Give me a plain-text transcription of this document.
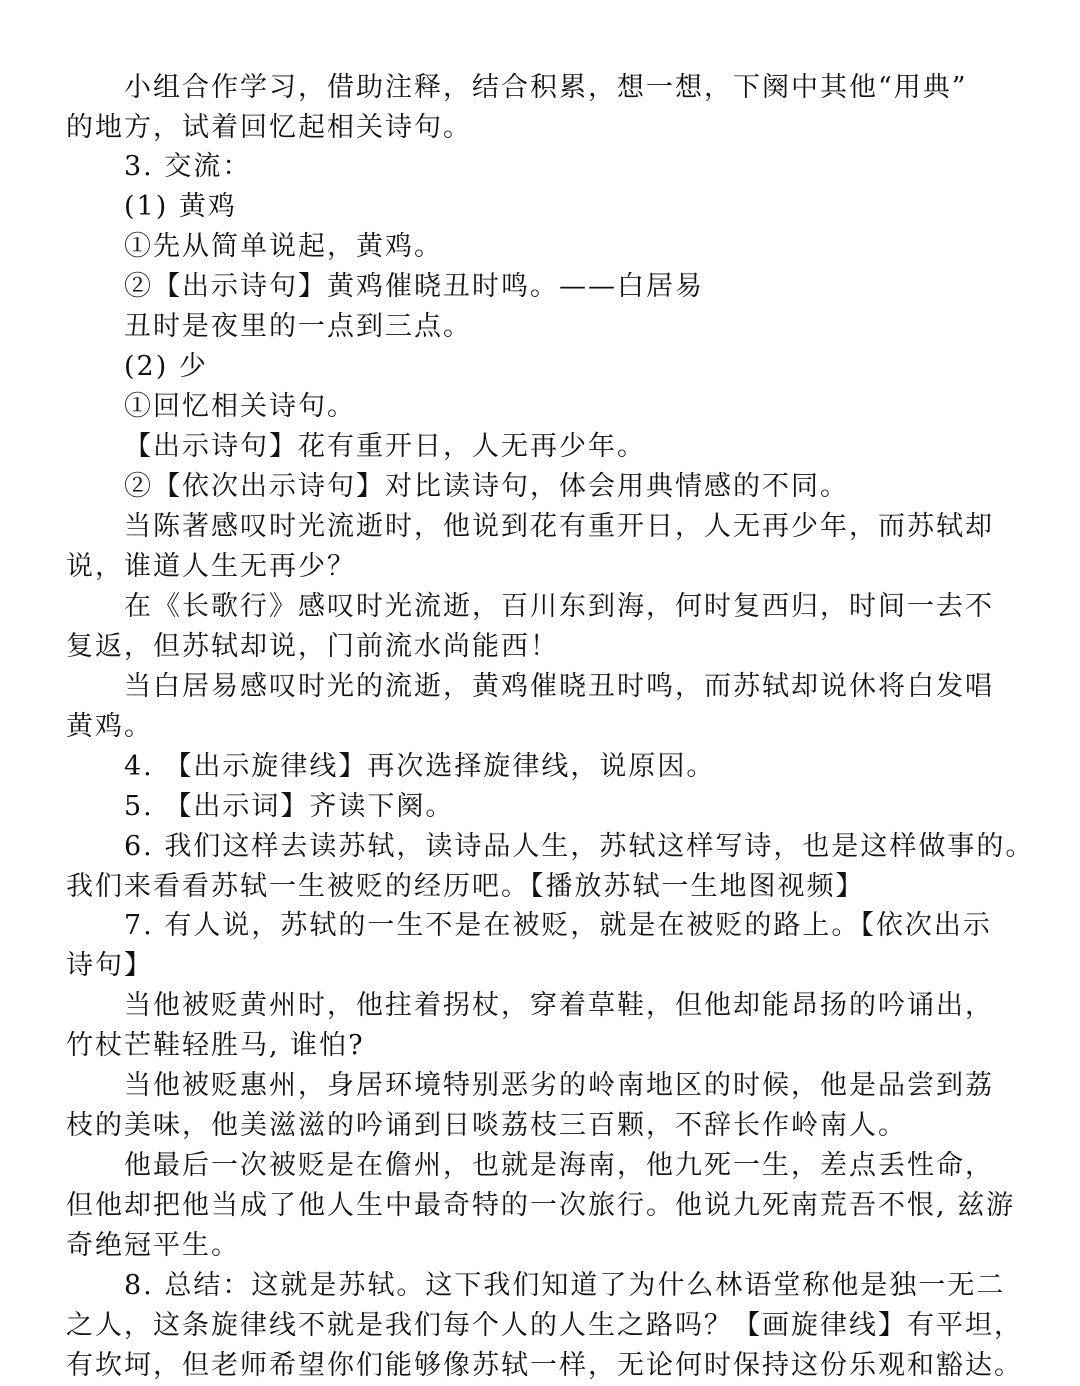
小组合作学习，借助注释，结合积累，想一想，下阕中其他“用典”

的地方，试着回忆起相关诗句。

3. 交流：

(1) 黄鸡

①先从简单说起，黄鸡。

②【出示诗句】黄鸡催晓丑时鸣。——白居易

丑时是夜里的一点到三点。

(2) 少

①回忆相关诗句。

【出示诗句】花有重开日，人无再少年。

②【依次出示诗句】对比读诗句，体会用典情感的不同。

当陈著感叹时光流逝时，他说到花有重开日，人无再少年，而苏轼却

说，谁道人生无再少？

在《长歌行》感叹时光流逝，百川东到海，何时复西归，时间一去不

复返，但苏轼却说，门前流水尚能西！

当白居易感叹时光的流逝，黄鸡催晓丑时鸣，而苏轼却说休将白发唱

黄鸡。

4. 【出示旋律线】再次选择旋律线，说原因。

5. 【出示词】齐读下阕。

6. 我们这样去读苏轼，读诗品人生，苏轼这样写诗，也是这样做事的。

我们来看看苏轼一生被贬的经历吧。【播放苏轼一生地图视频】

7. 有人说，苏轼的一生不是在被贬，就是在被贬的路上。【依次出示

诗句】

当他被贬黄州时，他拄着拐杖，穿着草鞋，但他却能昂扬的吟诵出，

竹杖芒鞋轻胜马, 谁怕?

当他被贬惠州，身居环境特别恶劣的岭南地区的时候，他是品尝到荔

枝的美味，他美滋滋的吟诵到日啖荔枝三百颗，不辞长作岭南人。

他最后一次被贬是在儋州，也就是海南，他九死一生，差点丢性命，

但他却把他当成了他人生中最奇特的一次旅行。他说九死南荒吾不恨, 兹游

奇绝冠平生。

8. 总结：这就是苏轼。这下我们知道了为什么林语堂称他是独一无二

之人，这条旋律线不就是我们每个人的人生之路吗？【画旋律线】有平坦，

有坎坷，但老师希望你们能够像苏轼一样，无论何时保持这份乐观和豁达。
